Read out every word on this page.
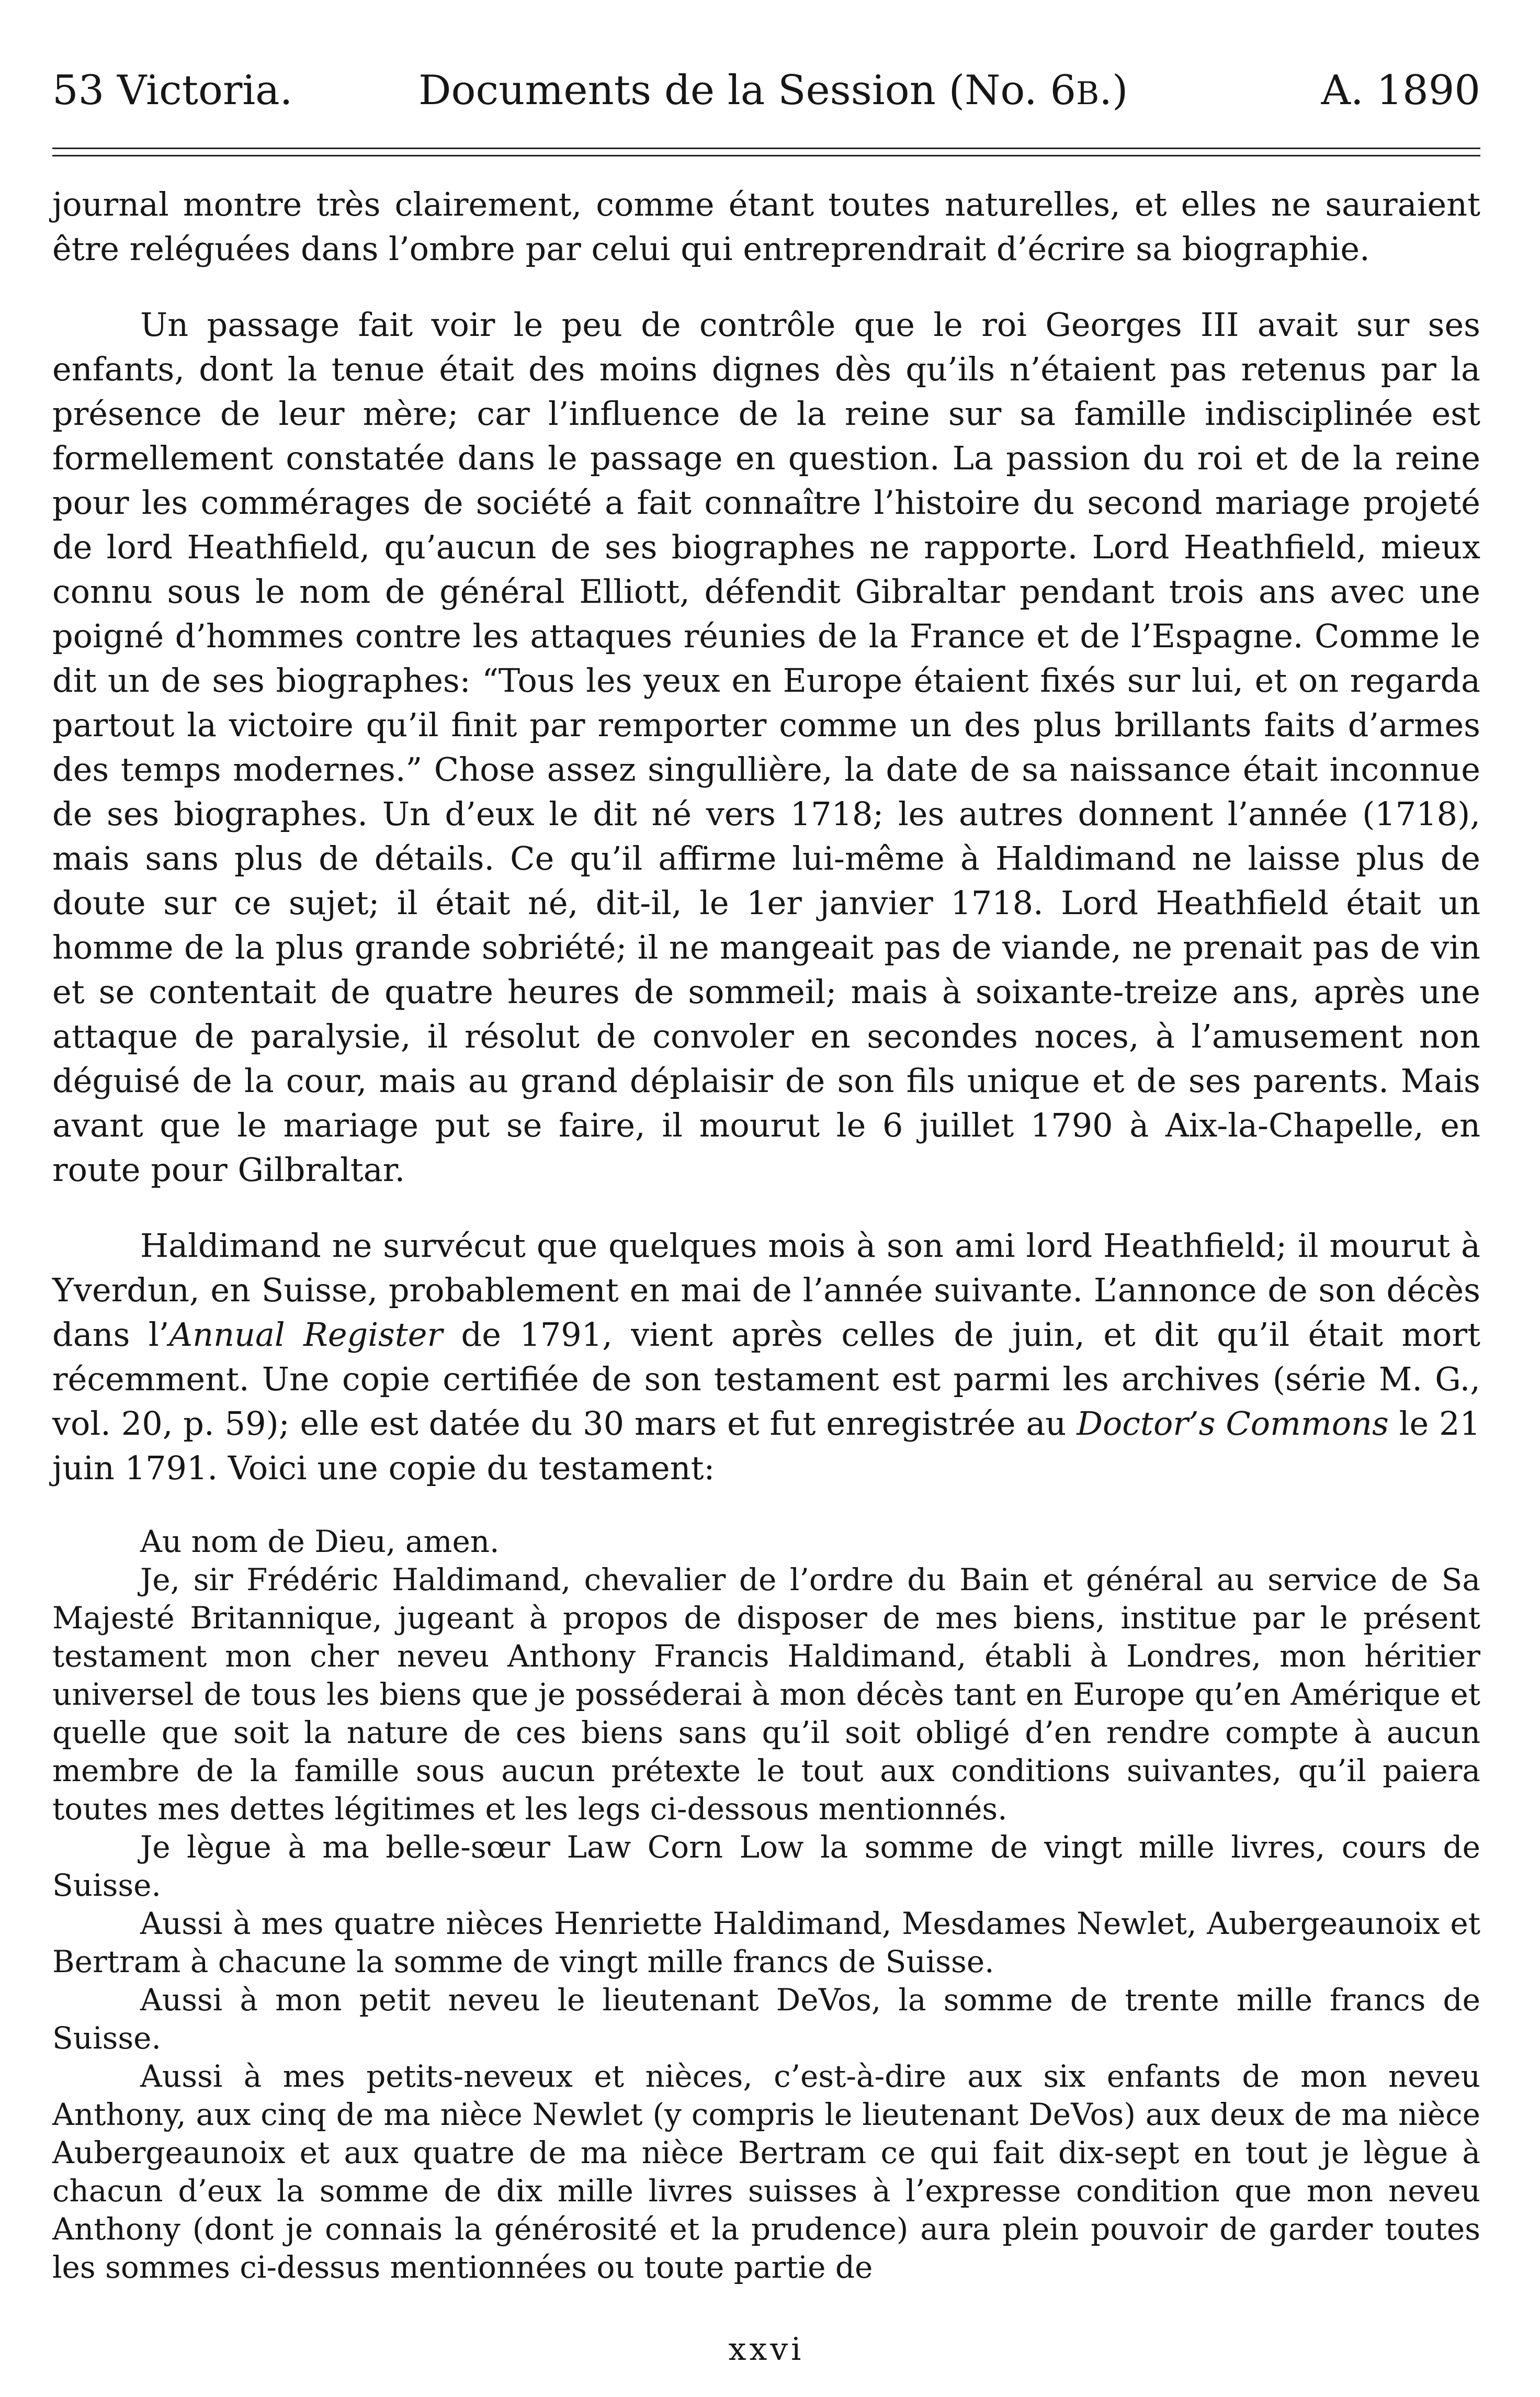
53 Victoria.	Documents de la Session (No. 6B.)	A. 1890

journal montre très clairement, comme étant toutes naturelles, et elles ne sauraient être reléguées dans l’ombre par celui qui entreprendrait d’écrire sa biographie.

Un passage fait voir le peu de contrôle que le roi Georges III avait sur ses enfants, dont la tenue était des moins dignes dès qu’ils n’étaient pas retenus par la présence de leur mère; car l’influence de la reine sur sa famille indisciplinée est formellement constatée dans le passage en question. La passion du roi et de la reine pour les commérages de société a fait connaître l’histoire du second mariage projeté de lord Heathfield, qu’aucun de ses biographes ne rapporte. Lord Heathfield, mieux connu sous le nom de général Elliott, défendit Gibraltar pendant trois ans avec une poigné d’hommes contre les attaques réunies de la France et de l’Espagne. Comme le dit un de ses biographes: “Tous les yeux en Europe étaient fixés sur lui, et on regarda partout la victoire qu’il finit par remporter comme un des plus brillants faits d’armes des temps modernes.” Chose assez singullière, la date de sa naissance était inconnue de ses biographes. Un d’eux le dit né vers 1718; les autres donnent l’année (1718), mais sans plus de détails. Ce qu’il affirme lui-même à Haldimand ne laisse plus de doute sur ce sujet; il était né, dit-il, le 1er janvier 1718. Lord Heathfield était un homme de la plus grande sobriété; il ne mangeait pas de viande, ne prenait pas de vin et se contentait de quatre heures de sommeil; mais à soixante-treize ans, après une attaque de paralysie, il résolut de convoler en secondes noces, à l’amusement non déguisé de la cour, mais au grand déplaisir de son fils unique et de ses parents. Mais avant que le mariage put se faire, il mourut le 6 juillet 1790 à Aix-la-Chapelle, en route pour Gilbraltar.

Haldimand ne survécut que quelques mois à son ami lord Heathfield; il mourut à Yverdun, en Suisse, probablement en mai de l’année suivante. L’annonce de son décès dans l’Annual Register de 1791, vient après celles de juin, et dit qu’il était mort récemment. Une copie certifiée de son testament est parmi les archives (série M. G., vol. 20, p. 59); elle est datée du 30 mars et fut enregistrée au Doctor’s Commons le 21 juin 1791. Voici une copie du testament:

Au nom de Dieu, amen.

Je, sir Frédéric Haldimand, chevalier de l’ordre du Bain et général au service de Sa Majesté Britannique, jugeant à propos de disposer de mes biens, institue par le présent testament mon cher neveu Anthony Francis Haldimand, établi à Londres, mon héritier universel de tous les biens que je posséderai à mon décès tant en Europe qu’en Amérique et quelle que soit la nature de ces biens sans qu’il soit obligé d’en rendre compte à aucun membre de la famille sous aucun prétexte le tout aux conditions suivantes, qu’il paiera toutes mes dettes légitimes et les legs ci-dessous mentionnés.

Je lègue à ma belle-sœur Law Corn Low la somme de vingt mille livres, cours de Suisse.

Aussi à mes quatre nièces Henriette Haldimand, Mesdames Newlet, Aubergeaunoix et Bertram à chacune la somme de vingt mille francs de Suisse.

Aussi à mon petit neveu le lieutenant DeVos, la somme de trente mille francs de Suisse.

Aussi à mes petits-neveux et nièces, c’est-à-dire aux six enfants de mon neveu Anthony, aux cinq de ma nièce Newlet (y compris le lieutenant DeVos) aux deux de ma nièce Aubergeaunoix et aux quatre de ma nièce Bertram ce qui fait dix-sept en tout je lègue à chacun d’eux la somme de dix mille livres suisses à l’expresse condition que mon neveu Anthony (dont je connais la générosité et la prudence) aura plein pouvoir de garder toutes les sommes ci-dessus mentionnées ou toute partie de

xxvi
